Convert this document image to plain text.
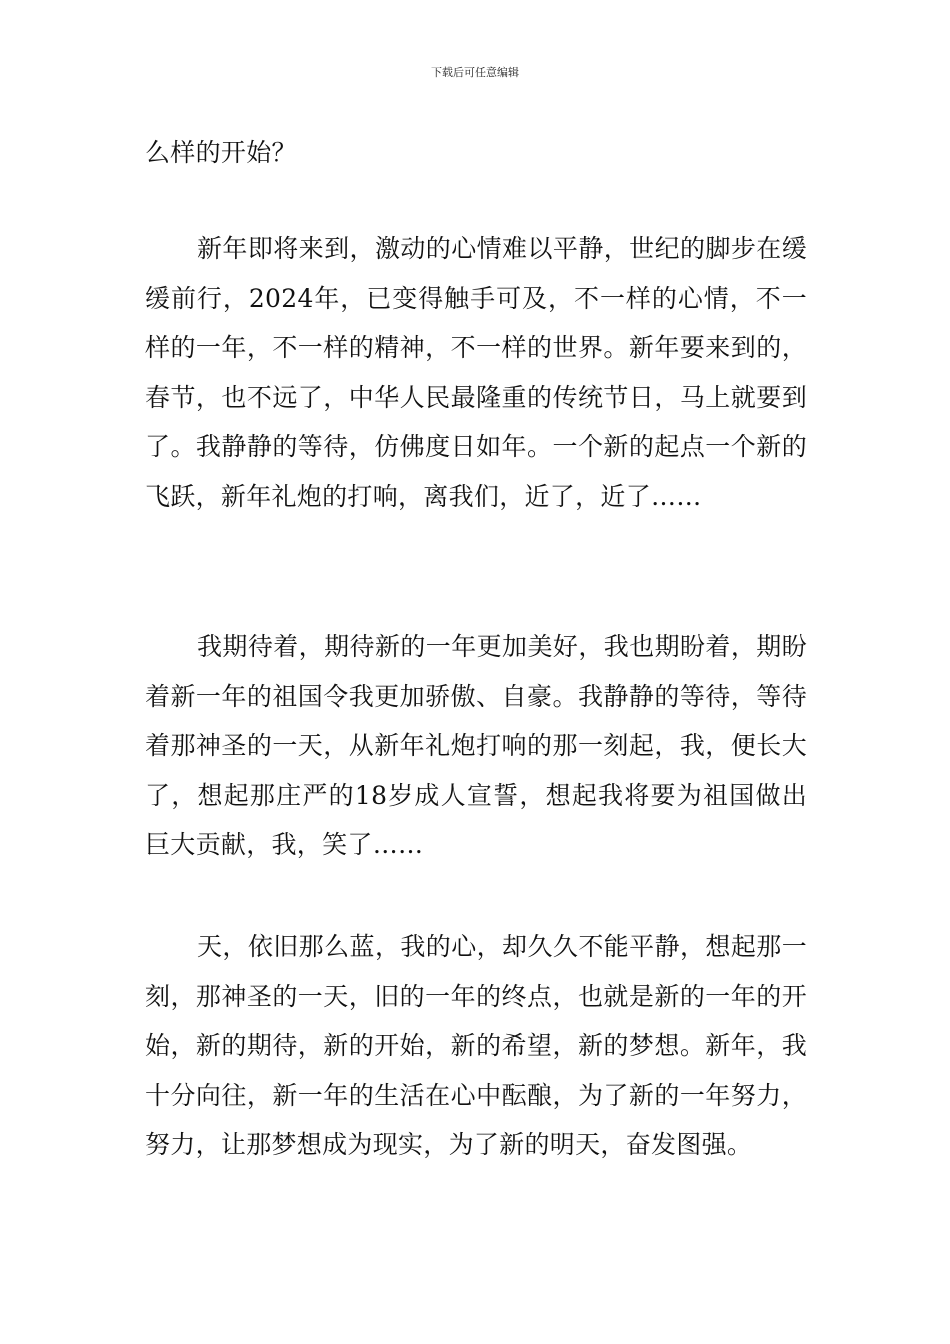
下载后可任意编辑

么样的开始？

新年即将来到，激动的心情难以平静，世纪的脚步在缓缓前行，2024年，已变得触手可及，不一样的心情，不一样的一年，不一样的精神，不一样的世界。新年要来到的，春节，也不远了，中华人民最隆重的传统节日，马上就要到了。我静静的等待，仿佛度日如年。一个新的起点一个新的飞跃，新年礼炮的打响，离我们，近了，近了……

我期待着，期待新的一年更加美好，我也期盼着，期盼着新一年的祖国令我更加骄傲、自豪。我静静的等待，等待着那神圣的一天，从新年礼炮打响的那一刻起，我，便长大了，想起那庄严的18岁成人宣誓，想起我将要为祖国做出巨大贡献，我，笑了……

天，依旧那么蓝，我的心，却久久不能平静，想起那一刻，那神圣的一天，旧的一年的终点，也就是新的一年的开始，新的期待，新的开始，新的希望，新的梦想。新年，我十分向往，新一年的生活在心中酝酿，为了新的一年努力，努力，让那梦想成为现实，为了新的明天，奋发图强。
